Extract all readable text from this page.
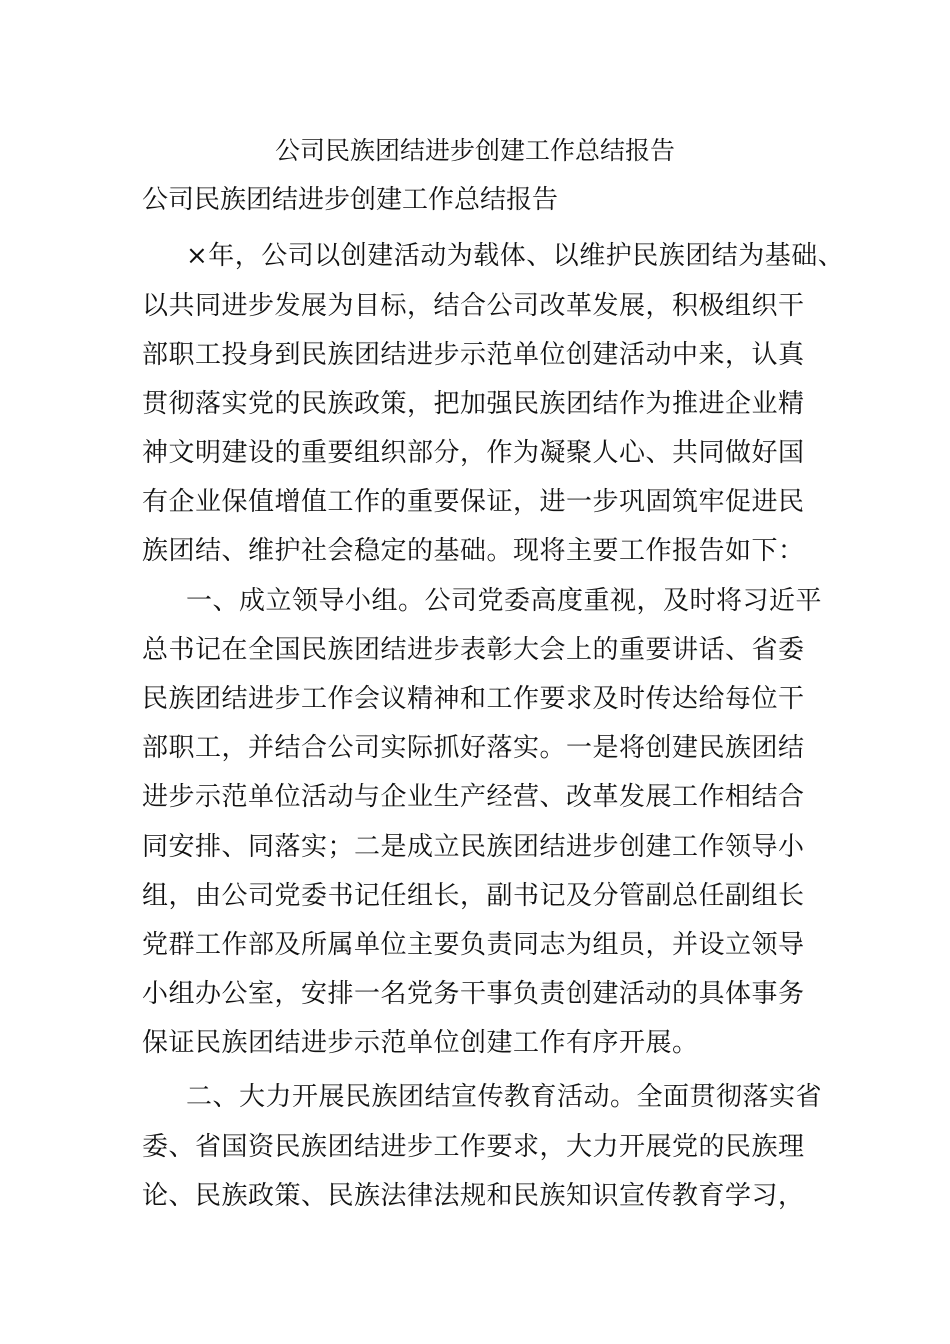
公司民族团结进步创建工作总结报告
公司民族团结进步创建工作总结报告
×年，公司以创建活动为载体、以维护民族团结为基础、
以共同进步发展为目标，结合公司改革发展，积极组织干
部职工投身到民族团结进步示范单位创建活动中来，认真
贯彻落实党的民族政策，把加强民族团结作为推进企业精
神文明建设的重要组织部分，作为凝聚人心、共同做好国
有企业保值增值工作的重要保证，进一步巩固筑牢促进民
族团结、维护社会稳定的基础。现将主要工作报告如下：
一、成立领导小组。公司党委高度重视，及时将习近平
总书记在全国民族团结进步表彰大会上的重要讲话、省委
民族团结进步工作会议精神和工作要求及时传达给每位干
部职工，并结合公司实际抓好落实。一是将创建民族团结
进步示范单位活动与企业生产经营、改革发展工作相结合
同安排、同落实；二是成立民族团结进步创建工作领导小
组，由公司党委书记任组长，副书记及分管副总任副组长
党群工作部及所属单位主要负责同志为组员，并设立领导
小组办公室，安排一名党务干事负责创建活动的具体事务
保证民族团结进步示范单位创建工作有序开展。
二、大力开展民族团结宣传教育活动。全面贯彻落实省
委、省国资民族团结进步工作要求，大力开展党的民族理
论、民族政策、民族法律法规和民族知识宣传教育学习，
